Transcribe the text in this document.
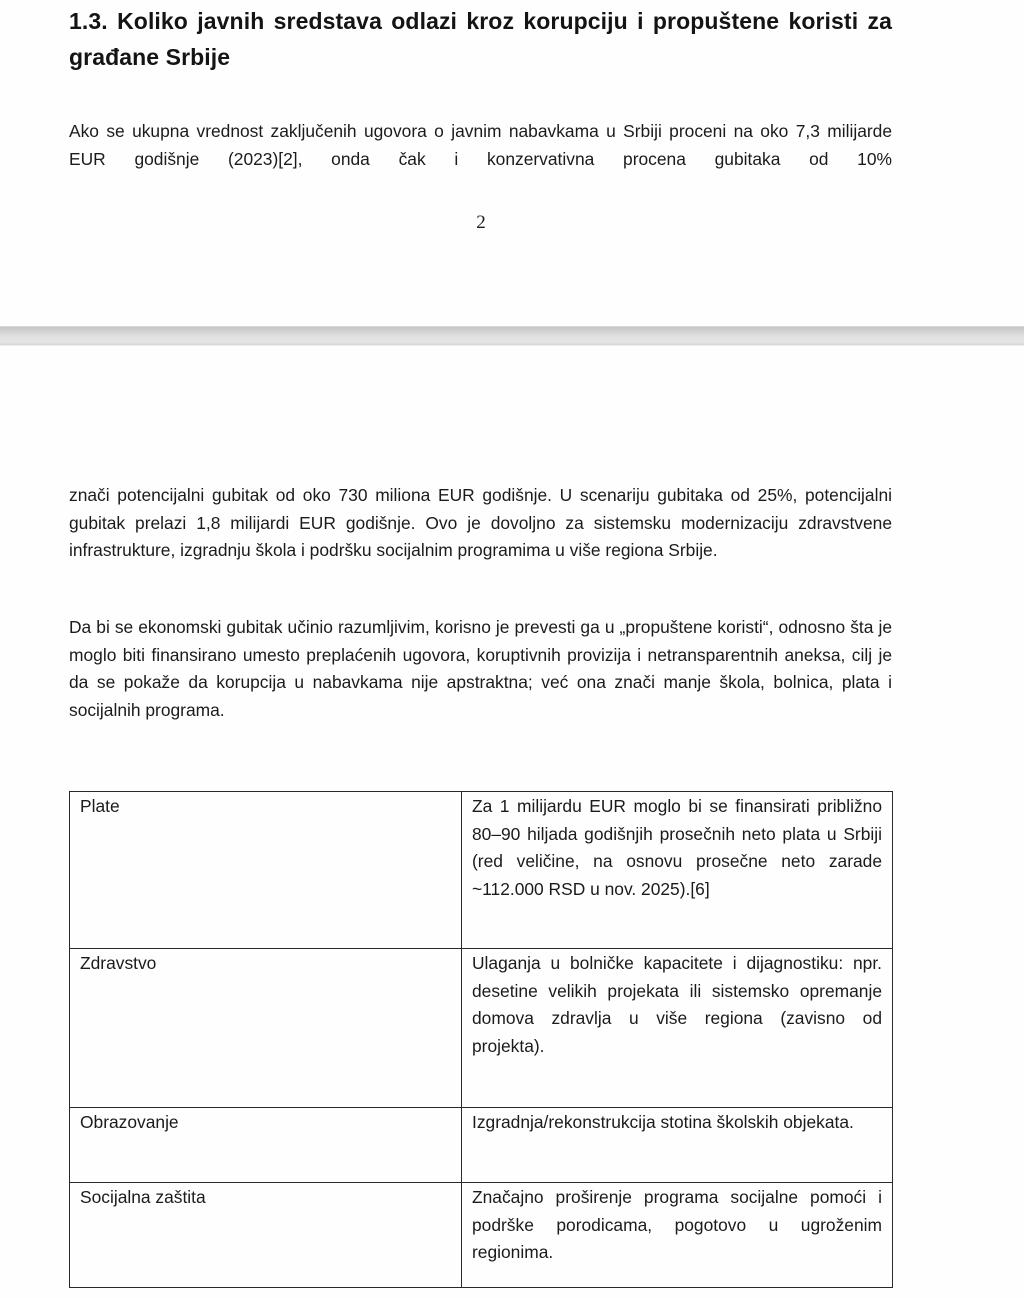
1.3. Koliko javnih sredstava odlazi kroz korupciju i propuštene koristi za građane Srbije

Ako se ukupna vrednost zaključenih ugovora o javnim nabavkama u Srbiji proceni na oko 7,3 milijarde EUR godišnje (2023)[2], onda čak i konzervativna procena gubitaka od 10%

2

znači potencijalni gubitak od oko 730 miliona EUR godišnje. U scenariju gubitaka od 25%, potencijalni gubitak prelazi 1,8 milijardi EUR godišnje. Ovo je dovoljno za sistemsku modernizaciju zdravstvene infrastrukture, izgradnju škola i podršku socijalnim programima u više regiona Srbije.

Da bi se ekonomski gubitak učinio razumljivim, korisno je prevesti ga u „propuštene koristi“, odnosno šta je moglo biti finansirano umesto preplaćenih ugovora, koruptivnih provizija i netransparentnih aneksa, cilj je da se pokaže da korupcija u nabavkama nije apstraktna; već ona znači manje škola, bolnica, plata i socijalnih programa.

Plate	Za 1 milijardu EUR moglo bi se finansirati približno 80–90 hiljada godišnjih prosečnih neto plata u Srbiji (red veličine, na osnovu prosečne neto zarade ~112.000 RSD u nov. 2025).[6]
Zdravstvo	Ulaganja u bolničke kapacitete i dijagnostiku: npr. desetine velikih projekata ili sistemsko opremanje domova zdravlja u više regiona (zavisno od projekta).
Obrazovanje	Izgradnja/rekonstrukcija stotina školskih objekata.
Socijalna zaštita	Značajno proširenje programa socijalne pomoći i podrške porodicama, pogotovo u ugroženim regionima.
